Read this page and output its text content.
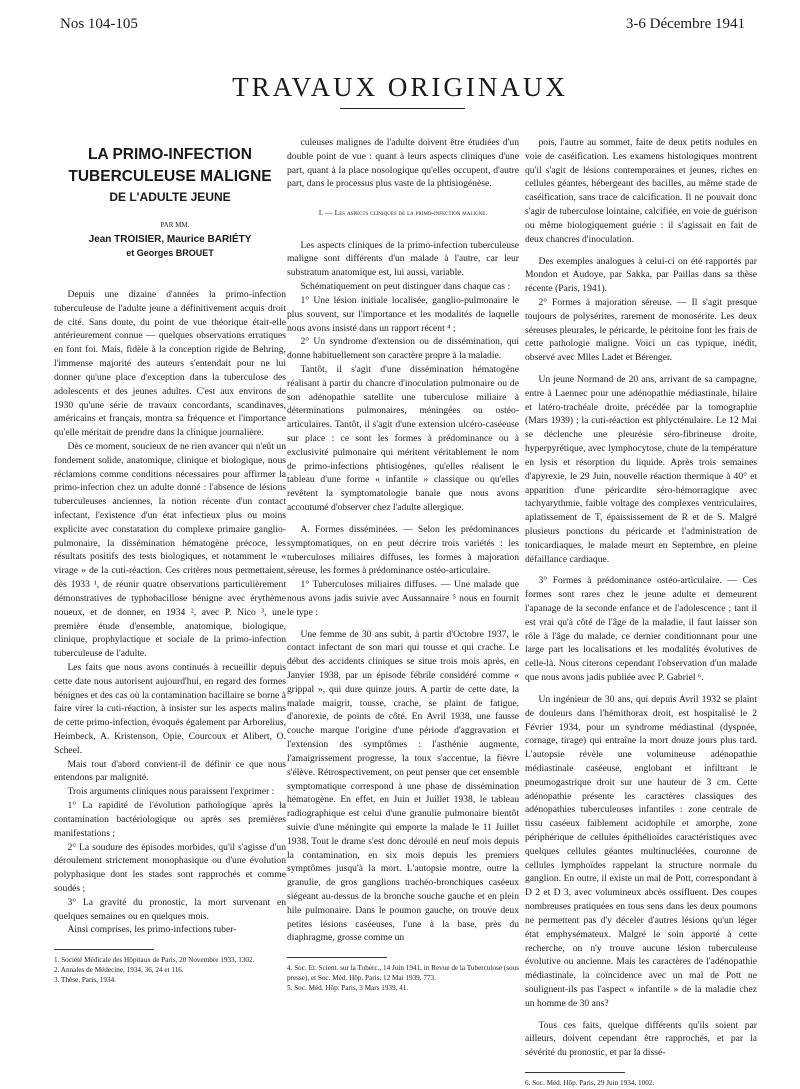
Nos 104-105	3-6 Décembre 1941
TRAVAUX ORIGINAUX
LA PRIMO-INFECTION
TUBERCULEUSE MALIGNE
DE L'ADULTE JEUNE

PAR MM.

Jean TROISIER, Maurice BARIÉTY
et Georges BROUET

Depuis une dizaine d'années la primo-infection tuberculeuse de l'adulte jeune a définitivement acquis droit de cité. Sans doute, du point de vue théorique était-elle antérieurement connue — quelques observations erratiques en font foi. Mais, fidèle à la conception rigide de Behring, l'immense majorité des auteurs s'entendait pour ne lui donner qu'une place d'exception dans la tuberculose des adolescents et des jeunes adultes. C'est aux environs de 1930 qu'une série de travaux concordants, scandinaves, américains et français, montra sa fréquence et l'importance qu'elle méritait de prendre dans la clinique journalière.

Dès ce moment, soucieux de ne rien avancer qui n'eût un fondement solide, anatomique, clinique et biologique, nous réclamions comme conditions nécessaires pour affirmer la primo-infection chez un adulte donné : l'absence de lésions tuberculeuses anciennes, la notion récente d'un contact infectant, l'existence d'un état infectieux plus ou moins explicite avec constatation du complexe primaire ganglio-pulmonaire, la dissémination hématogène précoce, les résultats positifs des tests biologiques, et notamment le « virage » de la cuti-réaction. Ces critères nous permettaient, dès 1933 ¹, de réunir quatre observations particulièrement démonstratives de typhobacillose bénigne avec érythème noueux, et de donner, en 1934 ², avec P. Nico ³, une première étude d'ensemble, anatomique, biologique, clinique, prophylactique et sociale de la primo-infection tuberculeuse de l'adulte.

Les faits que nous avons continués à recueillir depuis cette date nous autorisent aujourd'hui, en regard des formes bénignes et des cas où la contamination bacillaire se borne à faire virer la cuti-réaction, à insister sur les aspects malins de cette primo-infection, évoqués également par Arborelius, Heimbeck, A. Kristenson, Opie, Courcoux et Alibert, O. Scheel.

Mais tout d'abord convient-il de définir ce que nous entendons par malignité.

Trois arguments cliniques nous paraissent l'exprimer :

1° La rapidité de l'évolution pathologique après la contamination bactériologique ou après ses premières manifestations ;

2° La soudure des épisodes morbides, qu'il s'agisse d'un déroulement strictement monophasique ou d'une évolution polyphasique dont les stades sont rapprochés et comme soudés ;

3° La gravité du pronostic, la mort survenant en quelques semaines ou en quelques mois.

Ainsi comprises, les primo-infections tuber-

1. Société Médicale des Hôpitaux de Paris, 20 Novembre 1933, 1302.

2. Annales de Médecine, 1934, 36, 24 et 116.

3. Thèse, Paris, 1934.

culeuses malignes de l'adulte doivent être étudiées d'un double point de vue : quant à leurs aspects cliniques d'une part, quant à la place nosologique qu'elles occupent, d'autre part, dans le processus plus vaste de la phtisiogénèse.

I. — Les aspects cliniques de la primo-infection maligne.

Les aspects cliniques de la primo-infection tuberculeuse maligne sont différents d'un malade à l'autre, car leur substratum anatomique est, lui aussi, variable.

Schématiquement on peut distinguer dans chaque cas :

1° Une lésion initiale localisée, ganglio-pulmonaire le plus souvent, sur l'importance et les modalités de laquelle nous avons insisté dans un rapport récent ⁴ ;

2° Un syndrome d'extension ou de dissémination, qui donne habituellement son caractère propre à la maladie.

Tantôt, il s'agit d'une dissémination hématogène réalisant à partir du chancre d'inoculation pulmonaire ou de son adénopathie satellite une tuberculose miliaire à déterminations pulmonaires, méningées ou ostéo-articulaires. Tantôt, il s'agit d'une extension ulcéro-caséeuse sur place : ce sont les formes à prédominance ou à exclusivité pulmonaire qui méritent véritablement le nom de primo-infections phtisiogènes, qu'elles réalisent le tableau d'une forme « infantile » classique ou qu'elles revêtent la symptomatologie banale que nous avons accoutumé d'observer chez l'adulte allergique.

A. Formes disséminées. — Selon les prédominances symptomatiques, on en peut décrire trois variétés : les tuberculoses miliaires diffuses, les formes à majoration séreuse, les formes à prédominance ostéo-articulaire.

1° Tuberculoses miliaires diffuses. — Une malade que nous avons jadis suivie avec Aussannaire ⁵ nous en fournit le type :

Une femme de 30 ans subit, à partir d'Octobre 1937, le contact infectant de son mari qui tousse et qui crache. Le début des accidents cliniques se situe trois mois après, en Janvier 1938, par un épisode fébrile considéré comme « grippal », qui dure quinze jours. A partir de cette date, la malade maigrit, tousse, crache, se plaint de fatigue, d'anorexie, de points de côté. En Avril 1938, une fausse couche marque l'origine d'une période d'aggravation et l'extension des symptômes : l'asthénie augmente, l'amaigrissement progresse, la toux s'accentue, la fièvre s'élève. Rétrospectivement, on peut penser que cet ensemble symptomatique correspond à une phase de dissémination hématogène. En effet, en Juin et Juillet 1938, le tableau radiographique est celui d'une granulie pulmonaire bientôt suivie d'une méningite qui emporte la malade le 11 Juillet 1938. Tout le drame s'est donc déroulé en neuf mois depuis la contamination, en six mois depuis les premiers symptômes jusqu'à la mort. L'autopsie montre, outre la granulie, de gros ganglions trachéo-bronchiques caséeux siégeant au-dessus de la bronche souche gauche et en plein hile pulmonaire. Dans le poumon gauche, on trouve deux petites lésions caséeuses, l'une à la base, près du diaphragme, grosse comme un

4. Soc. Et. Scient. sur la Tuberc., 14 Juin 1941, in Revue de la Tuberculose (sous presse), et Soc. Méd. Hôp. Paris, 12 Mai 1939, 773.

5. Soc. Méd. Hôp. Paris, 3 Mars 1939, 41.

pois, l'autre au sommet, faite de deux petits nodules en voie de caséification. Les examens histologiques montrent qu'il s'agit de lésions contemporaines et jeunes, riches en cellules géantes, hébergeant des bacilles, au même stade de caséification, sans trace de calcification. Il ne pouvait donc s'agir de tuberculose lointaine, calcifiée, en voie de guérison ou même biologiquement guérie : il s'agissait en fait de deux chancres d'inoculation.

Des exemples analogues à celui-ci on été rapportés par Mondon et Audoye, par Sakka, par Paillas dans sa thèse récente (Paris, 1941).

2° Formes à majoration séreuse. — Il s'agit presque toujours de polysérites, rarement de monosérite. Les deux séreuses pleurales, le péricarde, le péritoine font les frais de cette pathologie maligne. Voici un cas typique, inédit, observé avec Mlles Ladet et Bérenger.

Un jeune Normand de 20 ans, arrivant de sa campagne, entre à Laennec pour une adénopathie médiastinale, hilaire et latéro-trachéale droite, précédée par la tomographie (Mars 1939) ; la cuti-réaction est phlycténulaire. Le 12 Mai se déclenche une pleurésie séro-fibrineuse droite, hyperpyrétique, avec lymphocytose, chute de la température en lysis et résorption du liquide. Après trois semaines d'apyrexie, le 29 Juin, nouvelle réaction thermique à 40° et apparition d'une péricardite séro-hémorragique avec tachyarythmie, faible voltage des complexes ventriculaires, aplatissement de T, épaississement de R et de S. Malgré plusieurs ponctions du péricarde et l'administration de tonicardiaques, le malade meurt en Septembre, en pleine défaillance cardiaque.

3° Formes à prédominance ostéo-articulaire. — Ces formes sont rares chez le jeune adulte et demeurent l'apanage de la seconde enfance et de l'adolescence ; tant il est vrai qu'à côté de l'âge de la maladie, il faut laisser son rôle à l'âge du malade, ce dernier conditionnant pour une large part les localisations et les modalités évolutives de celle-là. Nous citerons cependant l'observation d'un malade que nous avons jadis publiée avec P. Gabriel ⁶.

Un ingénieur de 30 ans, qui depuis Avril 1932 se plaint de douleurs dans l'hémithorax droit, est hospitalisé le 2 Février 1934, pour un syndrome médiastinal (dyspnée, cornage, tirage) qui entraîne la mort douze jours plus tard. L'autopsie révèle une volumineuse adénopathie médiastinale caséeuse, englobant et infiltrant le pneumogastrique droit sur une hauteur de 3 cm. Cette adénopathie présente les caractères classiques des adénopathies tuberculeuses infantiles : zone centrale de tissu caséeux faiblement acidophile et amorphe, zone périphérique de cellules épithélioïdes caractéristiques avec quelques cellules géantes multinucléées, couronne de cellules lymphoïdes rappelant la structure normale du ganglion. En outre, il existe un mal de Pott, correspondant à D 2 et D 3, avec volumineux abcès ossifluent. Des coupes nombreuses pratiquées en tous sens dans les deux poumons ne permettent pas d'y déceler d'autres lésions qu'un léger état emphysémateux. Malgré le soin apporté à cette recherche, on n'y trouve aucune lésion tuberculeuse évolutive ou ancienne. Mais les caractères de l'adénopathie médiastinale, la coïncidence avec un mal de Pott ne soulignent-ils pas l'aspect « infantile » de la maladie chez un homme de 30 ans?

Tous ces faits, quelque différents qu'ils soient par ailleurs, doivent cependant être rapprochés, et par la sévérité du pronostic, et par la dissé-

6. Soc. Méd. Hôp. Paris, 29 Juin 1934, 1002.
